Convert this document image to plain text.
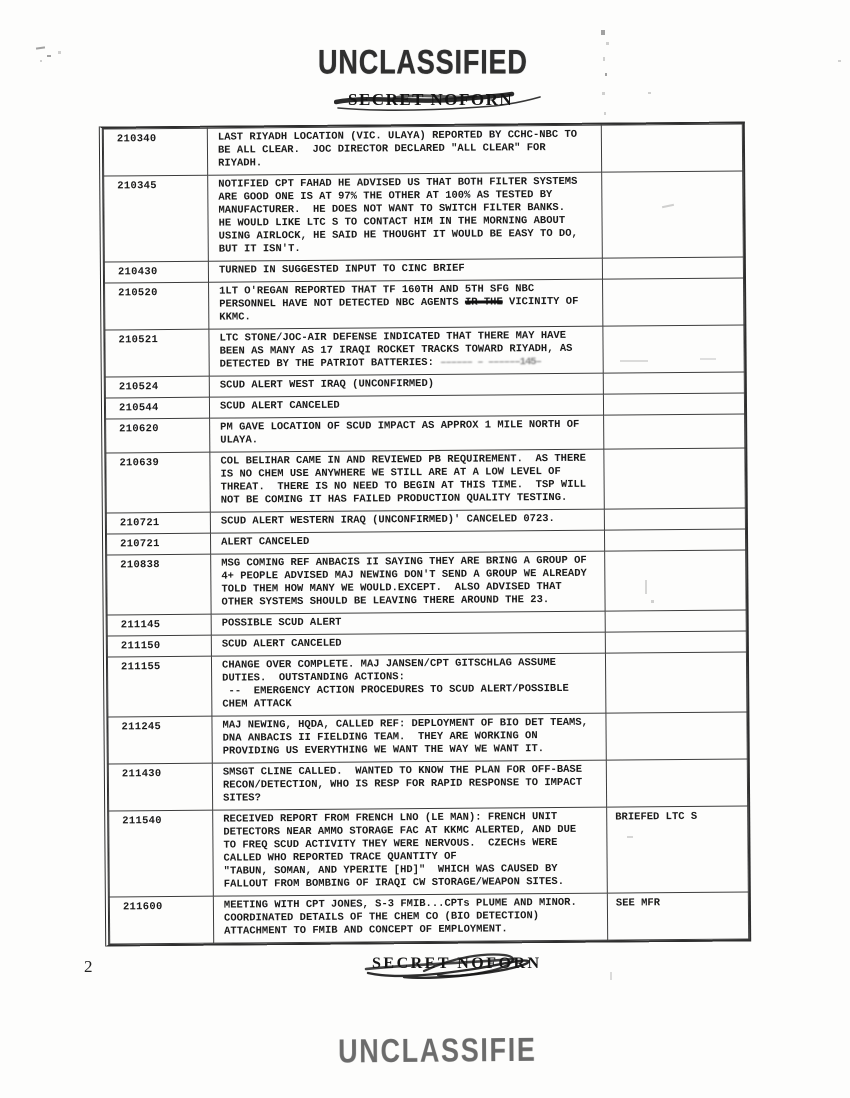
UNCLASSIFIED
SECRET NOFORN
210340	LAST RIYADH LOCATION (VIC. ULAYA) REPORTED BY CCHC-NBC TO
BE ALL CLEAR.  JOC DIRECTOR DECLARED "ALL CLEAR" FOR
RIYADH.	
210345	NOTIFIED CPT FAHAD HE ADVISED US THAT BOTH FILTER SYSTEMS
ARE GOOD ONE IS AT 97% THE OTHER AT 100% AS TESTED BY
MANUFACTURER.  HE DOES NOT WANT TO SWITCH FILTER BANKS.
HE WOULD LIKE LTC S TO CONTACT HIM IN THE MORNING ABOUT
USING AIRLOCK, HE SAID HE THOUGHT IT WOULD BE EASY TO DO,
BUT IT ISN'T.	
210430	TURNED IN SUGGESTED INPUT TO CINC BRIEF	
210520	1LT O'REGAN REPORTED THAT TF 160TH AND 5TH SFG NBC
PERSONNEL HAVE NOT DETECTED NBC AGENTS IR THE VICINITY OF
KKMC.	
210521	LTC STONE/JOC-AIR DEFENSE INDICATED THAT THERE MAY HAVE
BEEN AS MANY AS 17 IRAQI ROCKET TRACKS TOWARD RIYADH, AS
DETECTED BY THE PATRIOT BATTERIES: –––––– – ––––––145–	
210524	SCUD ALERT WEST IRAQ (UNCONFIRMED)	
210544	SCUD ALERT CANCELED	
210620	PM GAVE LOCATION OF SCUD IMPACT AS APPROX 1 MILE NORTH OF
ULAYA.	
210639	COL BELIHAR CAME IN AND REVIEWED PB REQUIREMENT.  AS THERE
IS NO CHEM USE ANYWHERE WE STILL ARE AT A LOW LEVEL OF
THREAT.  THERE IS NO NEED TO BEGIN AT THIS TIME.  TSP WILL
NOT BE COMING IT HAS FAILED PRODUCTION QUALITY TESTING.	
210721	SCUD ALERT WESTERN IRAQ (UNCONFIRMED)' CANCELED 0723.	
210721	ALERT CANCELED	
210838	MSG COMING REF ANBACIS II SAYING THEY ARE BRING A GROUP OF
4+ PEOPLE ADVISED MAJ NEWING DON'T SEND A GROUP WE ALREADY
TOLD THEM HOW MANY WE WOULD.EXCEPT.  ALSO ADVISED THAT
OTHER SYSTEMS SHOULD BE LEAVING THERE AROUND THE 23.	
211145	POSSIBLE SCUD ALERT	
211150	SCUD ALERT CANCELED	
211155	CHANGE OVER COMPLETE. MAJ JANSEN/CPT GITSCHLAG ASSUME
DUTIES.  OUTSTANDING ACTIONS:
--  EMERGENCY ACTION PROCEDURES TO SCUD ALERT/POSSIBLE
CHEM ATTACK	
211245	MAJ NEWING, HQDA, CALLED REF: DEPLOYMENT OF BIO DET TEAMS,
DNA ANBACIS II FIELDING TEAM.  THEY ARE WORKING ON
PROVIDING US EVERYTHING WE WANT THE WAY WE WANT IT.	
211430	SMSGT CLINE CALLED.  WANTED TO KNOW THE PLAN FOR OFF-BASE
RECON/DETECTION, WHO IS RESP FOR RAPID RESPONSE TO IMPACT
SITES?	
211540	RECEIVED REPORT FROM FRENCH LNO (LE MAN): FRENCH UNIT
DETECTORS NEAR AMMO STORAGE FAC AT KKMC ALERTED, AND DUE
TO FREQ SCUD ACTIVITY THEY WERE NERVOUS.  CZECHs WERE
CALLED WHO REPORTED TRACE QUANTITY OF
"TABUN, SOMAN, AND YPERITE [HD]"  WHICH WAS CAUSED BY
FALLOUT FROM BOMBING OF IRAQI CW STORAGE/WEAPON SITES.	BRIEFED LTC S
211600	MEETING WITH CPT JONES, S-3 FMIB...CPTs PLUME AND MINOR.
COORDINATED DETAILS OF THE CHEM CO (BIO DETECTION)
ATTACHMENT TO FMIB AND CONCEPT OF EMPLOYMENT.	SEE MFR
2	SECRET NOFORN
UNCLASSIFIE
